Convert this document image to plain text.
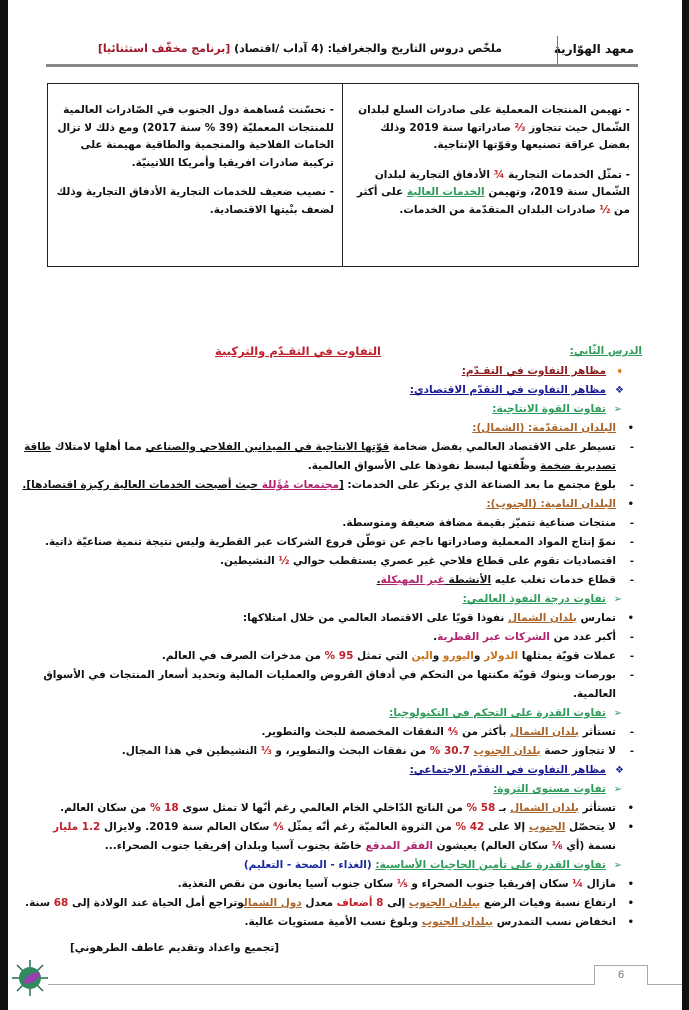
معهد الهوّارية
ملخّص دروس التاريخ والجغرافيا: (4 آداب /اقتصاد) [برنامج مخفّف استثنائيا]

- تهيمن المنتجات المعملية على صادرات السلع لبلدان الشّمال حيث تتجاوز ⅔ صادراتها سنة 2019 وذلك بفضل عراقة تصنيعها وقوّتها الإنتاجية.

- تمثّل الخدمات التجارية ¾ الأدفاق التجارية لبلدان الشّمال سنة 2019، وتهيمن الخدمات العالية على أكثر من ½ صادرات البلدان المتقدّمة من الخدمات.

- تحسّنت مُساهمة دول الجنوب في الصّادرات العالمية للمنتجات المعمليّة (39 % سنة 2017) ومع ذلك لا تزال الخامات الفلاحية والمنجمية والطاقية مهيمنة على تركيبة صادرات افريقيا وأمريكا اللاتينيّة.

- نصيب ضعيف للخدمات التجارية الأدفاق التجارية وذلك لضعف بنْيتها الاقتصادية.

الدرس الثّاني:
التفاوت في التقـدّم والتركيبة
➧
مظاهر التفاوت في التقـدّم:
❖
مظاهر التفاوت في التقدّم الاقتصادي:
➢
تفاوت القوة الانتاجية:
•
البلدان المتقدّمة: (الشمال):
-
تسيطر على الاقتصاد العالمي بفضل ضخامة قوّتها الانتاجية في الميدانين الفلاحي والصناعي مما أهلها لامتلاك طاقة تصديرية ضخمة وظّفتها لبسط نفوذها على الأسواق العالمية.
-
بلوغ مجتمع ما بعد الصناعة الذي يرتكز على الخدمات: [مجتمعات مُؤَللة حيث أصبحت الخدمات العالية ركيزة اقتصادها].
•
البلدان النامية: (الجنوب):
-
منتجات صناعية تتميّز بقيمة مضافة ضعيفة ومتوسطة.
-
نموّ إنتاج المواد المعملية وصادراتها ناجم عن توطّن فروع الشركات عبر القطرية وليس نتيجة تنمية صناعيّة ذاتية.
-
اقتصاديات تقوم على قطاع فلاحي غير عصري يستقطب حوالي ½ النشيطين.
-
قطاع خدمات تغلب عليه الأنشطة غير المهيكلة.
➢
تفاوت درجة النفوذ العالمي:
•
تمارس بلدان الشمال نفوذا قويًا على الاقتصاد العالمي من خلال امتلاكها:
-
أكبر عدد من الشركات عبر القطرية.
-
عملات قويّة يمثلها الدولار واليورو والين التي تمثل 95 % من مدخرات الصرف في العالم.
-
بورصات وبنوك قويّة مكنتها من التحكم في أدفاق القروض والعمليات المالية وتحديد أسعار المنتجات في الأسواق العالمية.
➢
تفاوت القدرة على التحكم في التكنولوجيا:
-
تستأثر بلدان الشمال بأكثر من ⅘ النفقات المخصصة للبحث والتطوير.
-
لا تتجاوز حصة بلدان الجنوب 30.7 % من نفقات البحث والتطوير، و ⅓ النشيطين في هذا المجال.
❖
مظاهر التفاوت في التقدّم الاجتماعي:
➢
تفاوت مستوى الثروة:
•
تستأثر بلدان الشمال بـ 58 % من الناتج الدّاخلي الخام العالمي رغم أنّها لا تمثل سوى 18 % من سكان العالم.
•
لا يتحصّل الجنوب إلا على 42 % من الثروة العالميّة رغم أنّه يمثّل ⅘ سكان العالم سنة 2019. ولايزال 1.2 مليار نسمة (أي ⅙ سكان العالم) يعيشون الفقر المدقع خاصّة بجنوب آسيا وبلدان إفريقيا جنوب الصحراء...
➢
تفاوت القدرة على تأمين الحاجيات الأساسية: (الغذاء - الصحة - التعليم)
•
مازال ¼ سكان إفريقيا جنوب الصحراء و ⅕ سكان جنوب آسيا يعانون من نقص التغذية.
•
ارتفاع نسبة وفيات الرضع ببلدان الجنوب إلى 8 أضعاف معدل دول الشمالوتراجع أمل الحياة عند الولادة إلى 68 سنة.
•
انخفاض نسب التمدرس ببلدان الجنوب وبلوغ نسب الأمية مستويات عالية.
[تجميع واعداد وتقديم عاطف الطرهوني]
6
